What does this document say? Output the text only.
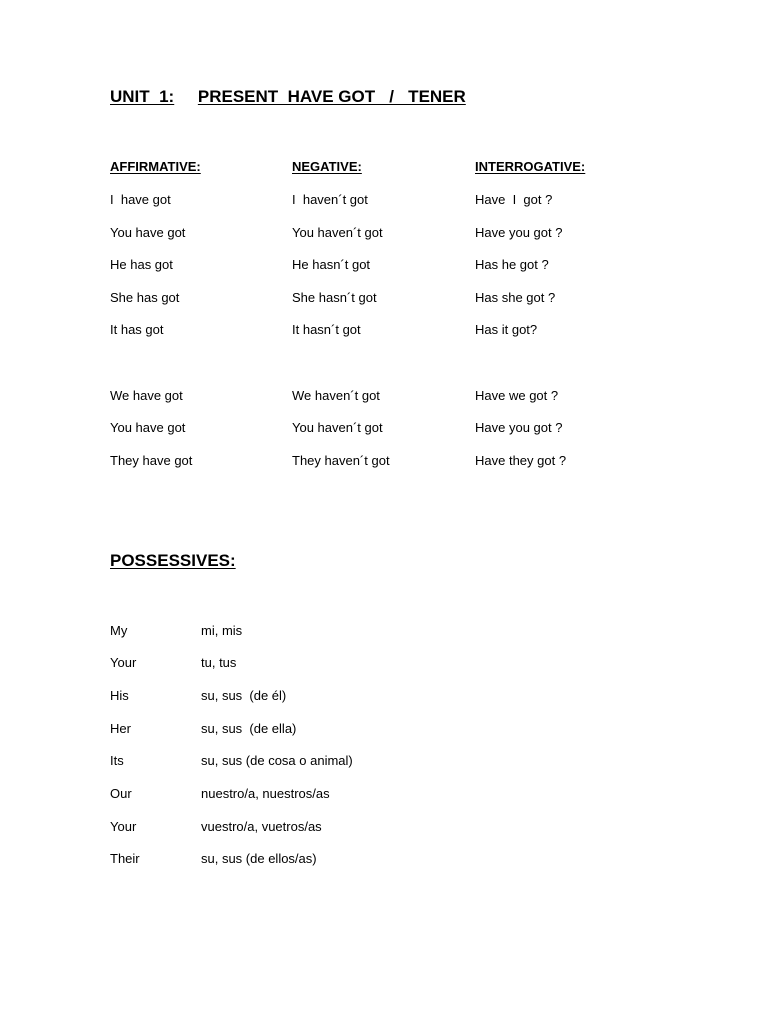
UNIT  1: PRESENT  HAVE GOT   /   TENER
AFFIRMATIVE:	NEGATIVE:	INTERROGATIVE:
I  have got	I  haven´t got	Have  I  got ?
You have got	You haven´t got	Have you got ?
He has got	He hasn´t got	Has he got ?
She has got	She hasn´t got	Has she got ?
It has got	It hasn´t got	Has it got?
We have got	We haven´t got	Have we got ?
You have got	You haven´t got	Have you got ?
They have got	They haven´t got	Have they got ?
POSSESSIVES:
My	mi, mis
Your	tu, tus
His	su, sus  (de él)
Her	su, sus  (de ella)
Its	su, sus (de cosa o animal)
Our	nuestro/a, nuestros/as
Your	vuestro/a, vuetros/as
Their	su, sus (de ellos/as)
